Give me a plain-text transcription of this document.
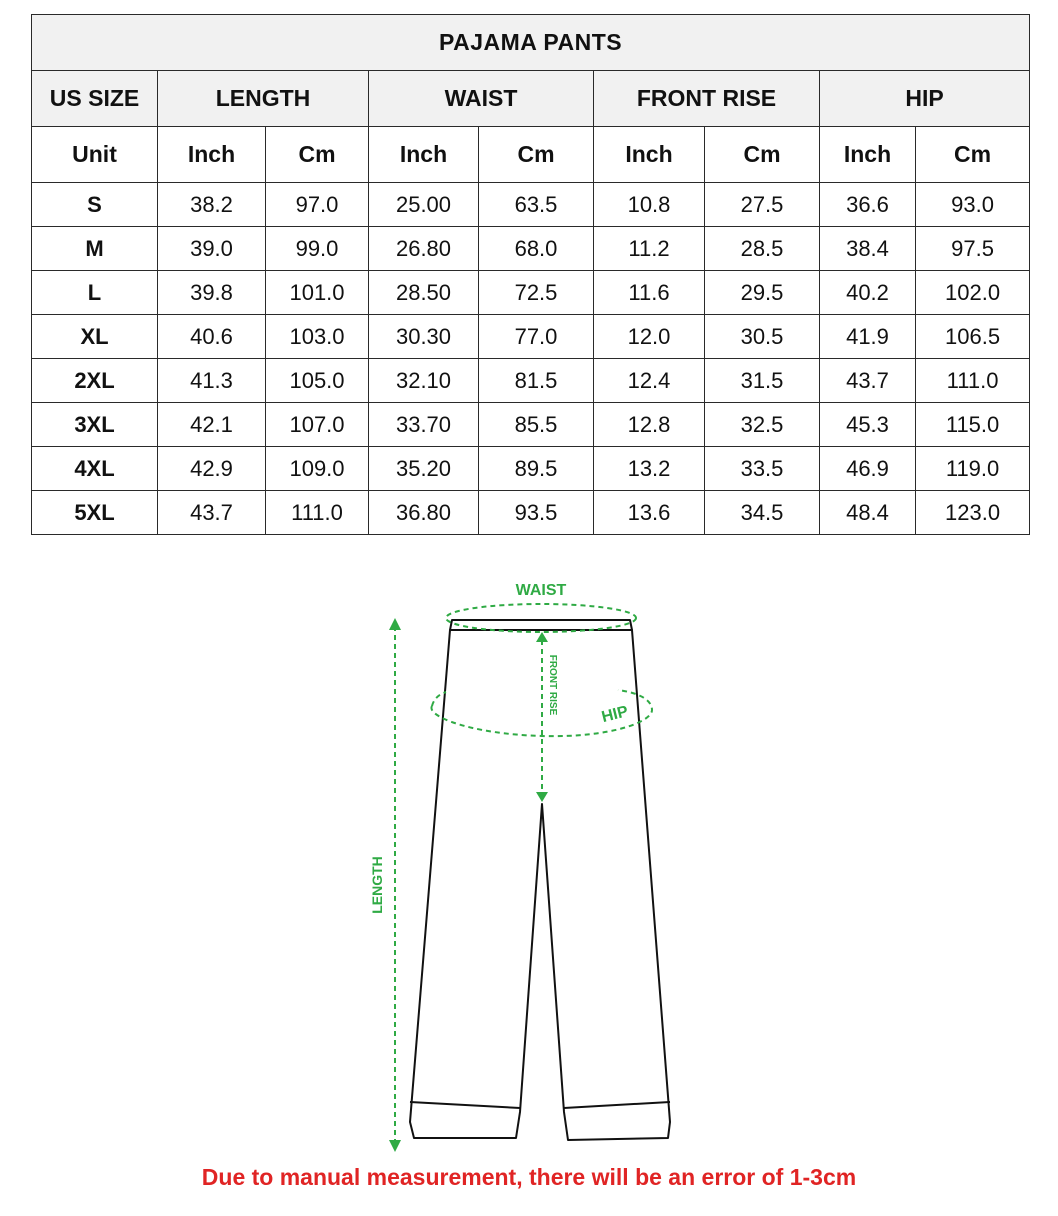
PAJAMA PANTS								
US SIZE	LENGTH		WAIST		FRONT RISE		HIP	
Unit	Inch	Cm	Inch	Cm	Inch	Cm	Inch	Cm
S	38.2	97.0	25.00	63.5	10.8	27.5	36.6	93.0
M	39.0	99.0	26.80	68.0	11.2	28.5	38.4	97.5
L	39.8	101.0	28.50	72.5	11.6	29.5	40.2	102.0
XL	40.6	103.0	30.30	77.0	12.0	30.5	41.9	106.5
2XL	41.3	105.0	32.10	81.5	12.4	31.5	43.7	111.0
3XL	42.1	107.0	33.70	85.5	12.8	32.5	45.3	115.0
4XL	42.9	109.0	35.20	89.5	13.2	33.5	46.9	119.0
5XL	43.7	111.0	36.80	93.5	13.6	34.5	48.4	123.0
WAIST
FRONT RISE	HIP
LENGTH
Due to manual measurement, there will be an error of 1-3cm
